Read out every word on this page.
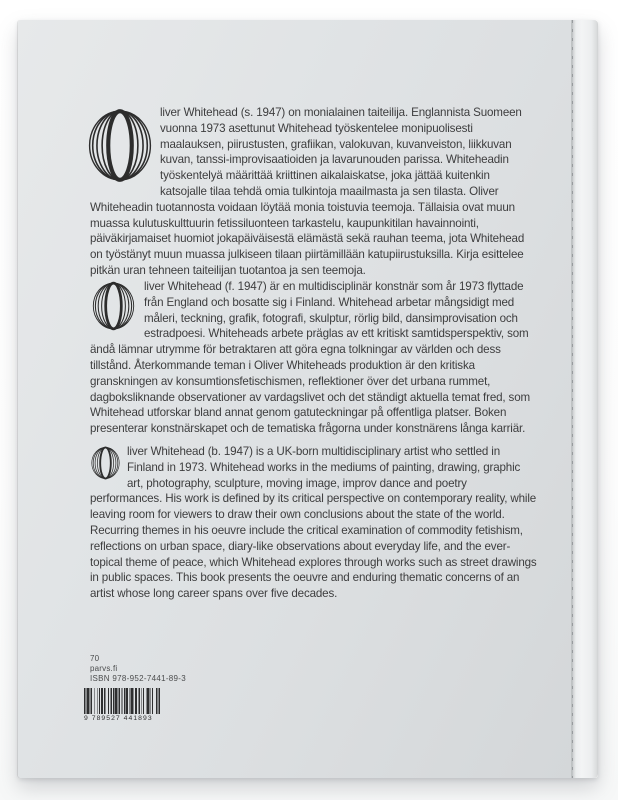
liver Whitehead (s. 1947) on monialainen taiteilija. Englannista Suomeen vuonna 1973 asettunut Whitehead työskentelee monipuolisesti maalauksen, piirustusten, grafiikan, valokuvan, kuvanveiston, liikkuvan kuvan, tanssi-improvisaatioiden ja lavarunouden parissa. Whiteheadin työskentelyä määrittää kriittinen aikalaiskatse, joka jättää kuitenkin katsojalle tilaa tehdä omia tulkintoja maailmasta ja sen tilasta. Oliver Whiteheadin tuotannosta voidaan löytää monia toistuvia teemoja. Tällaisia ovat muun muassa kulutuskulttuurin fetissiluonteen tarkastelu, kaupunkitilan havainnointi, päiväkirjamaiset huomiot jokapäiväisestä elämästä sekä rauhan teema, jota Whitehead on työstänyt muun muassa julkiseen tilaan piirtämillään katupiirustuksilla. Kirja esittelee pitkän uran tehneen taiteilijan tuotantoa ja sen teemoja.

liver Whitehead (f. 1947) är en multidisciplinär konstnär som år 1973 flyttade från England och bosatte sig i Finland. Whitehead arbetar mångsidigt med måleri, teckning, grafik, fotografi, skulptur, rörlig bild, dansimprovisation och estradpoesi. Whiteheads arbete präglas av ett kritiskt samtidsperspektiv, som ändå lämnar utrymme för betraktaren att göra egna tolkningar av världen och dess tillstånd. Återkommande teman i Oliver Whiteheads produktion är den kritiska granskningen av konsumtionsfetischismen, reflektioner över det urbana rummet, dagboksliknande observationer av vardagslivet och det ständigt aktuella temat fred, som Whitehead utforskar bland annat genom gatuteckningar på offentliga platser. Boken presenterar konstnärskapet och de tematiska frågorna under konstnärens långa karriär.

liver Whitehead (b. 1947) is a UK-born multidisciplinary artist who settled in Finland in 1973. Whitehead works in the mediums of painting, drawing, graphic art, photography, sculpture, moving image, improv dance and poetry performances. His work is defined by its critical perspective on contemporary reality, while leaving room for viewers to draw their own conclusions about the state of the world. Recurring themes in his oeuvre include the critical examination of commodity fetishism, reflections on urban space, diary-like observations about everyday life, and the ever-topical theme of peace, which Whitehead explores through works such as street drawings in public spaces. This book presents the oeuvre and enduring thematic concerns of an artist whose long career spans over five decades.

70
parvs.fi
ISBN 978-952-7441-89-3
9 789527 441893
